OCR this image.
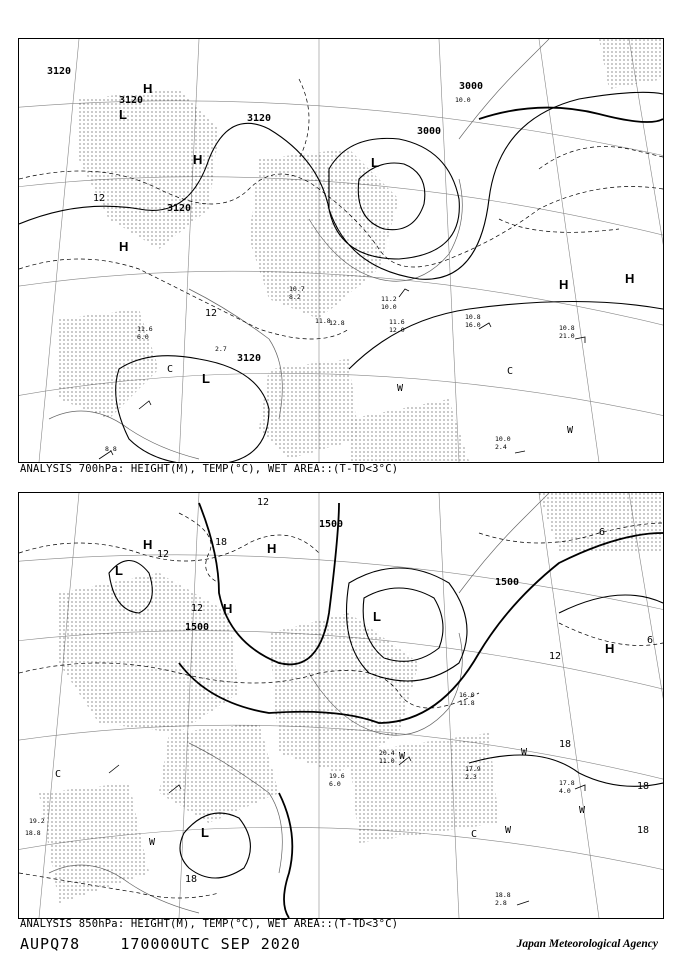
3120
3120
3120
3120
3120
3000
3000
12
12
H
H
H
H	H
L
L
L
W
W
C
C
10.0
11.2
10.0
11.6
12.0
10.8
16.0	10.8
21.0
10.0
2.4
10.7
8.2
11.8
8.8
11.6
6.0
12.8
2.7
ANALYSIS 700hPa: HEIGHT(M), TEMP(°C), WET AREA::(T-TD<3°C)
1500
1500
1500
12
12
12
18
18
18
18
18
6
6
12
H	H
H
H
L
L
L
W
W
W
W
C
C
W
16.0
11.8
17.9
2.3
17.8
4.0
18.8
2.8
20.4
11.0
19.6
6.0
18.8
19.2
ANALYSIS 850hPa: HEIGHT(M), TEMP(°C), WET AREA::(T-TD<3°C)
AUPQ78	170000UTC SEP 2020	Japan Meteorological Agency
